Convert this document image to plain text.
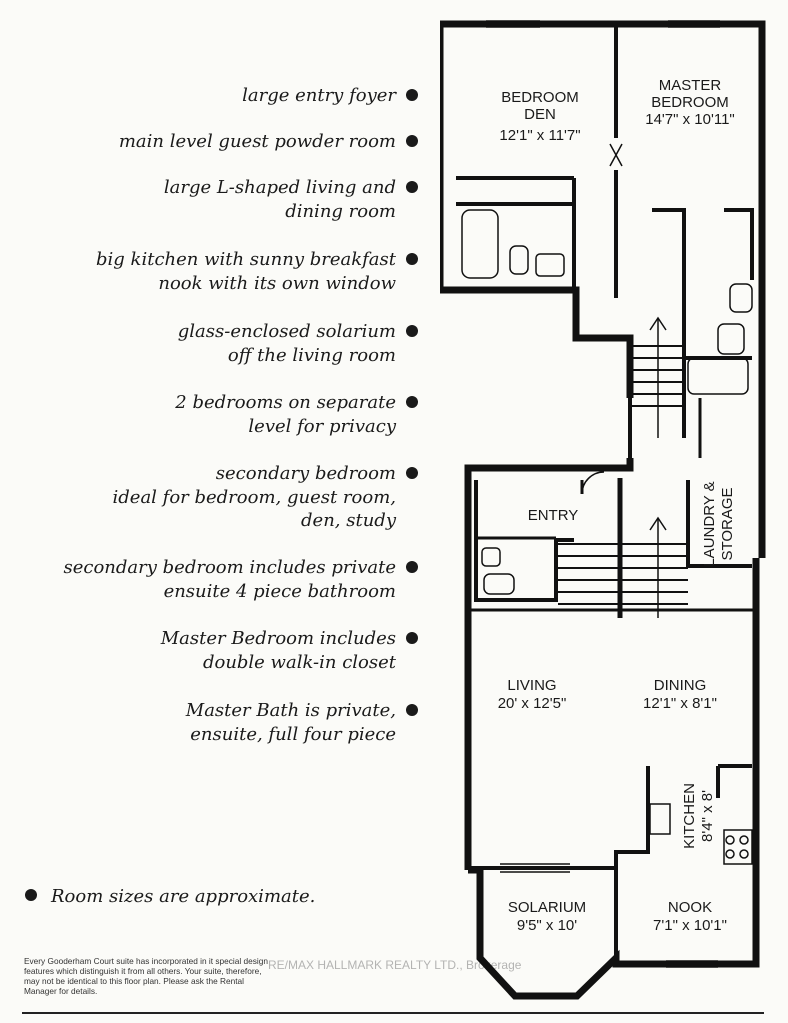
large entry foyer
main level guest powder room
large L-shaped living and
dining room
big kitchen with sunny breakfast
nook with its own window
glass-enclosed solarium
off the living room
2 bedrooms on separate
level for privacy
secondary bedroom
ideal for bedroom, guest room,
den, study
secondary bedroom includes private
ensuite 4 piece bathroom
Master Bedroom includes
double walk-in closet
Master Bath is private,
ensuite, full four piece
Room sizes are approximate.
Every Gooderham Court suite has incorporated in it special design features which distinguish it from all others. Your suite, therefore, may not be identical to this floor plan. Please ask the Rental Manager for details.
RE/MAX HALLMARK REALTY LTD., Brokerage
BEDROOM
DEN
12'1" x 11'7"
MASTER
BEDROOM
14'7" x 10'11"
ENTRY	LAUNDRY & STORAGE
LIVING
20' x 12'5"
DINING
12'1" x 8'1"
KITCHEN 8'4" x 8'
SOLARIUM
9'5" x 10'
NOOK
7'1" x 10'1"
